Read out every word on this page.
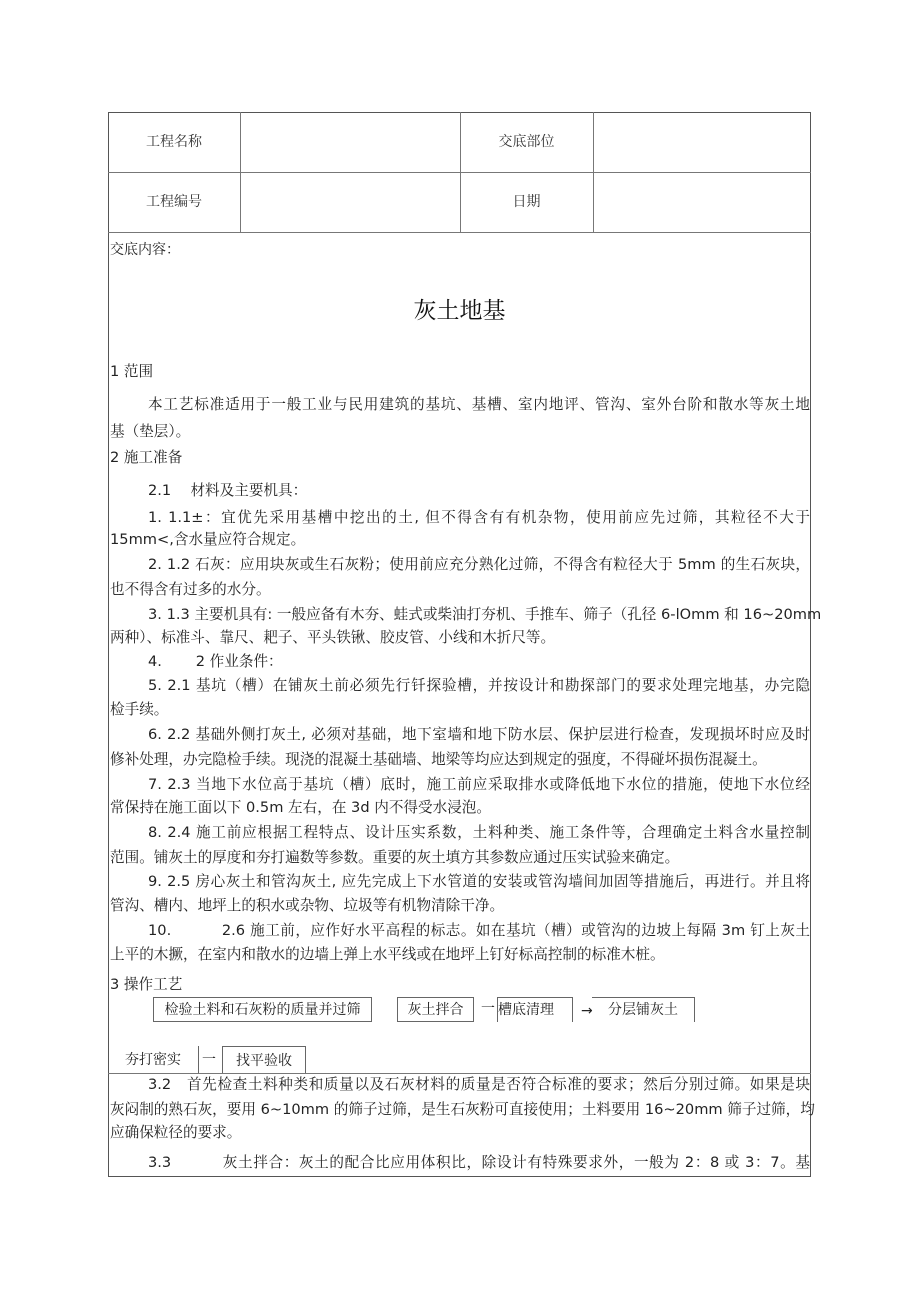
工程名称	交底部位
工程编号	日期
交底内容：
灰土地基
1 范围
本工艺标准适用于一般工业与民用建筑的基坑、基槽、室内地评、管沟、室外台阶和散水等灰土地
基（垫层）。
2 施工准备
2.1　 材料及主要机具：
1. 1.1±：宜优先采用基槽中挖出的土, 但不得含有有机杂物，使用前应先过筛，其粒径不大于
15mm<,含水量应符合规定。
2. 1.2 石灰：应用块灰或生石灰粉；使用前应充分熟化过筛，不得含有粒径大于 5mm 的生石灰块，
也不得含有过多的水分。
3. 1.3 主要机具有: 一般应备有木夯、蛙式或柴油打夯机、手推车、筛子（孔径 6-lOmm 和 16~20mm
两种）、标准斗、靠尺、耙子、平头铁锹、胶皮管、小线和木折尺等。
4.　　 2 作业条件：
5. 2.1 基坑（槽）在铺灰土前必须先行钎探验槽，并按设计和勘探部门的要求处理完地基，办完隐
检手续。
6. 2.2 基础外侧打灰土, 必须对基础，地下室墙和地下防水层、保护层进行检查，发现损坏时应及时
修补处理，办完隐检手续。现浇的混凝土基础墙、地梁等均应达到规定的强度，不得碰坏损伤混凝土。
7. 2.3 当地下水位高于基坑（槽）底时，施工前应采取排水或降低地下水位的措施，使地下水位经
常保持在施工面以下 0.5m 左右，在 3d 内不得受水浸泡。
8. 2.4 施工前应根据工程特点、设计压实系数，土料种类、施工条件等，合理确定土料含水量控制
范围。铺灰土的厚度和夯打遍数等参数。重要的灰土填方其参数应通过压实试验来确定。
9. 2.5 房心灰土和管沟灰土, 应先完成上下水管道的安装或管沟墙间加固等措施后，再进行。并且将
管沟、槽内、地坪上的积水或杂物、垃圾等有机物清除干净。
10.　　　 2.6 施工前，应作好水平高程的标志。如在基坑（槽）或管沟的边坡上每隔 3m 钉上灰土
上平的木撅，在室内和散水的边墙上弹上水平线或在地坪上钉好标高控制的标准木桩。
3 操作工艺
检验土料和石灰粉的质量并过筛	灰土拌合	一 槽底清理	→	分层铺灰土
夯打密实	一	找平验收
3.2　首先检查土料种类和质量以及石灰材料的质量是否符合标准的要求；然后分别过筛。如果是块
灰闷制的熟石灰，要用 6~10mm 的筛子过筛，是生石灰粉可直接使用；土料要用 16~20mm 筛子过筛，均
应确保粒径的要求。
3.3　　　 灰土拌合：灰土的配合比应用体积比，除设计有特殊要求外，一般为 2：8 或 3：7。基
